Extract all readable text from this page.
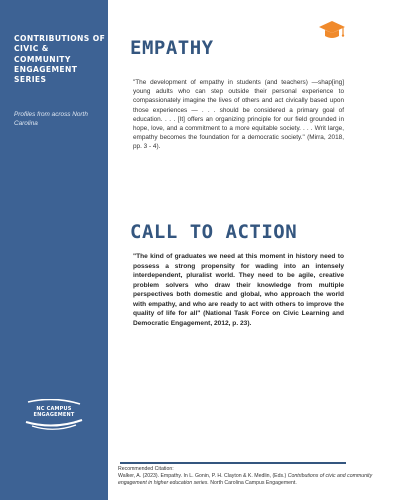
CONTRIBUTIONS OF CIVIC & COMMUNITY ENGAGEMENT SERIES
Profiles from across North Carolina
NC CAMPUS
ENGAGEMENT
EMPATHY
"The development of empathy in students (and teachers) —shap[ing] young adults who can step outside their personal experience to compassionately imagine the lives of others and act civically based upon those experiences — . . . should be considered a primary goal of education. . . . [It] offers an organizing principle for our field grounded in hope, love, and a commitment to a more equitable society. . . . Writ large, empathy becomes the foundation for a democratic society." (Mirra, 2018, pp. 3 - 4).
CALL TO ACTION
"The kind of graduates we need at this moment in history need to possess a strong propensity for wading into an intensely interdependent, pluralist world. They need to be agile, creative problem solvers who draw their knowledge from multiple perspectives both domestic and global, who approach the world with empathy, and who are ready to act with others to improve the quality of life for all" (National Task Force on Civic Learning and Democratic Engagement, 2012, p. 23).
Recommended Citation:
Walker, A. (2023). Empathy. In L. Gonin, P. H. Clayton & K. Medlin, (Eds.) Contributions of civic and community engagement in higher education series. North Carolina Campus Engagement.
